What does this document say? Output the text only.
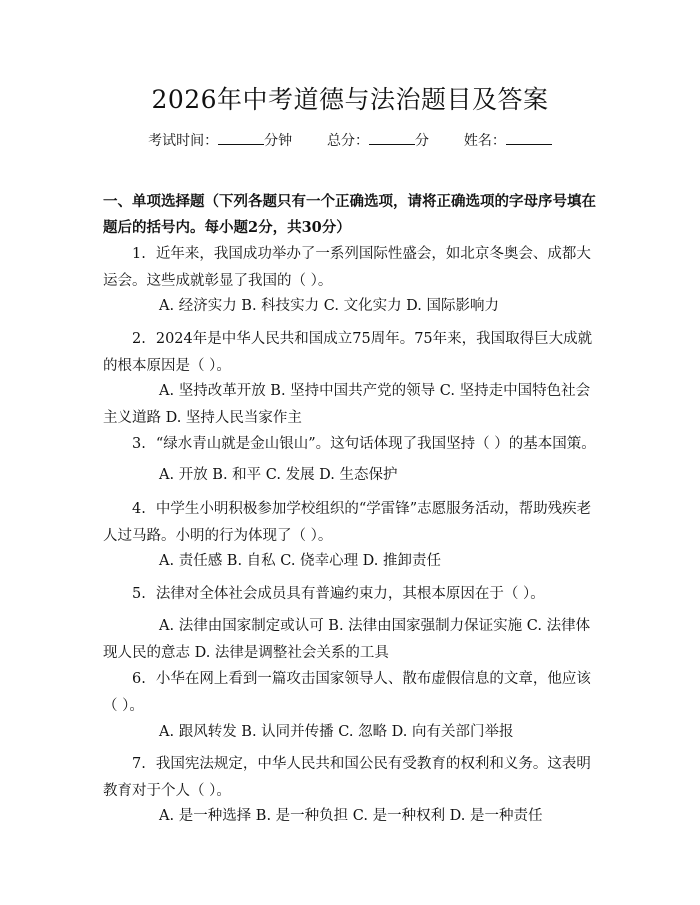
2026年中考道德与法治题目及答案
考试时间：	分钟 总分：	分 姓名：
一、单项选择题（下列各题只有一个正确选项，请将正确选项的字母序号填在题后的括号内。每小题2分，共30分）
1. 近年来，我国成功举办了一系列国际性盛会，如北京冬奥会、成都大运会。这些成就彰显了我国的（ ）。
A. 经济实力 B. 科技实力 C. 文化实力 D. 国际影响力
2. 2024年是中华人民共和国成立75周年。75年来，我国取得巨大成就的根本原因是（ ）。
A. 坚持改革开放 B. 坚持中国共产党的领导 C. 坚持走中国特色社会主义道路 D. 坚持人民当家作主
3. “绿水青山就是金山银山”。这句话体现了我国坚持（ ）的基本国策。
A. 开放 B. 和平 C. 发展 D. 生态保护
4. 中学生小明积极参加学校组织的“学雷锋”志愿服务活动，帮助残疾老人过马路。小明的行为体现了（ ）。
A. 责任感 B. 自私 C. 侥幸心理 D. 推卸责任
5. 法律对全体社会成员具有普遍约束力，其根本原因在于（ ）。
A. 法律由国家制定或认可 B. 法律由国家强制力保证实施 C. 法律体现人民的意志 D. 法律是调整社会关系的工具
6. 小华在网上看到一篇攻击国家领导人、散布虚假信息的文章，他应该（ ）。
A. 跟风转发 B. 认同并传播 C. 忽略 D. 向有关部门举报
7. 我国宪法规定，中华人民共和国公民有受教育的权利和义务。这表明教育对于个人（ ）。
A. 是一种选择 B. 是一种负担 C. 是一种权利 D. 是一种责任
